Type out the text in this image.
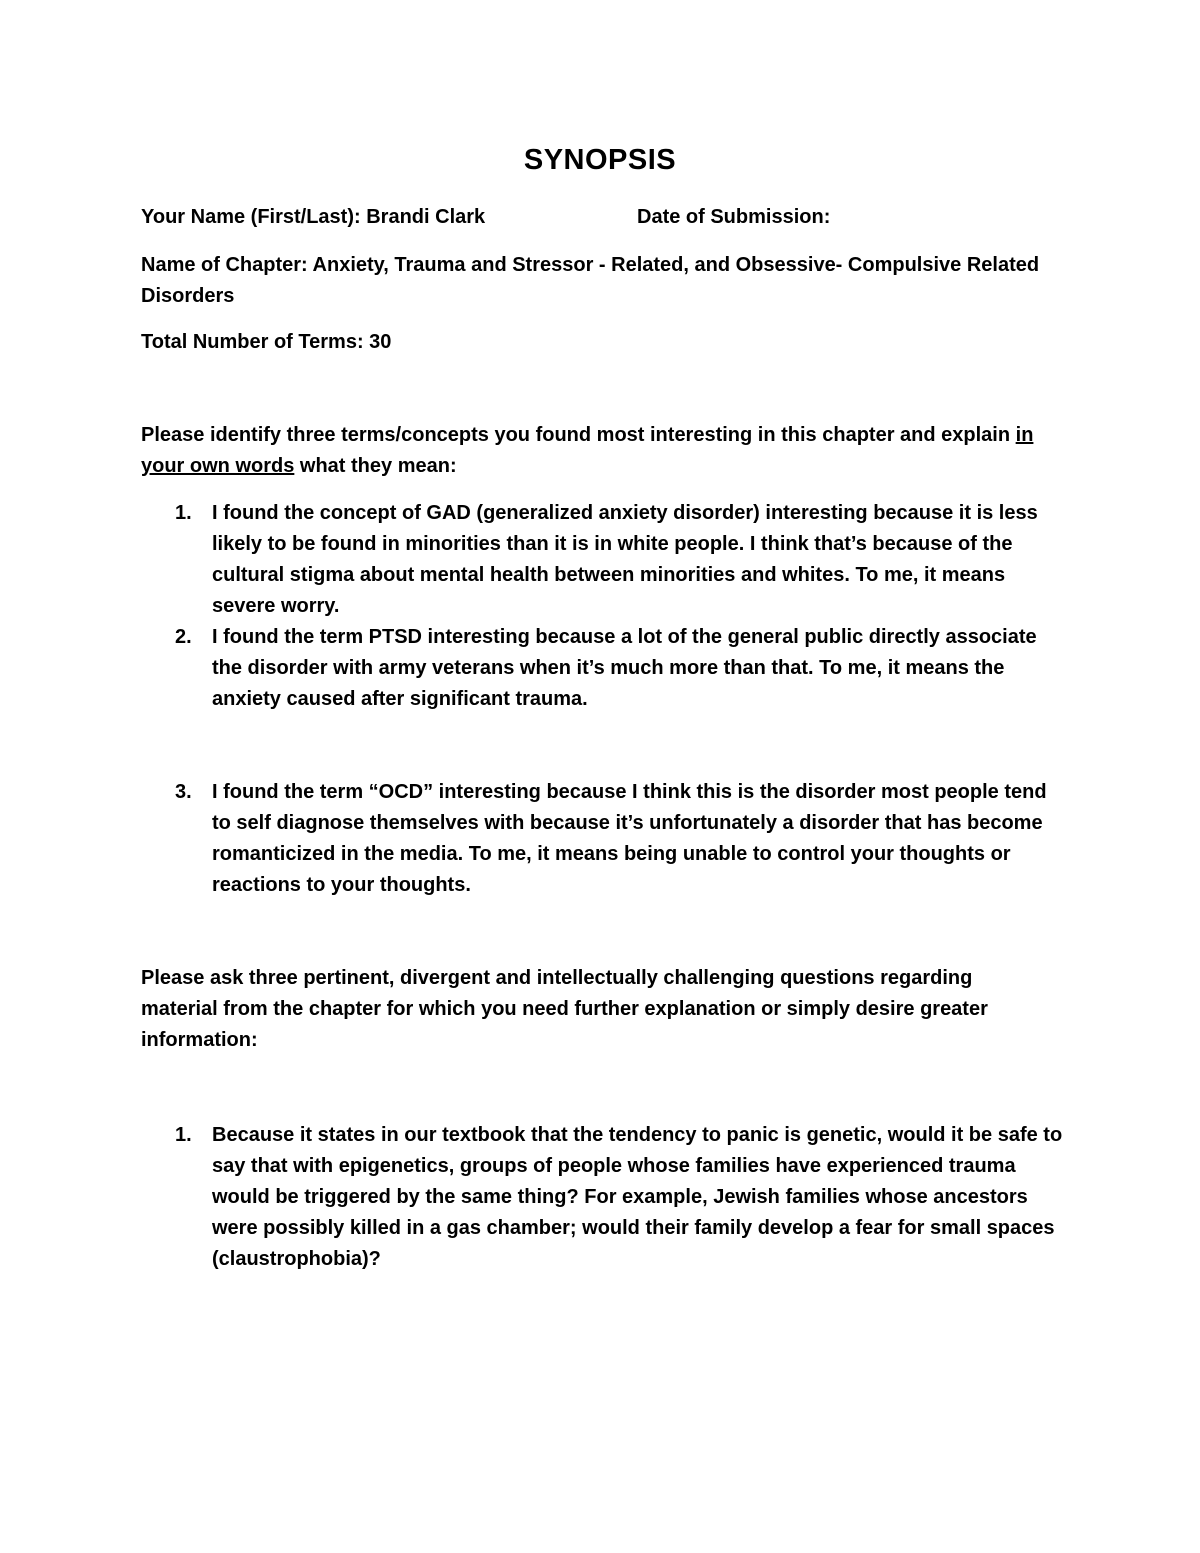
SYNOPSIS

Your Name (First/Last): Brandi Clark	Date of Submission:

Name of Chapter: Anxiety, Trauma and Stressor - Related, and Obsessive- Compulsive Related Disorders

Total Number of Terms: 30

Please identify three terms/concepts you found most interesting in this chapter and explain in your own words what they mean:

1. I found the concept of GAD (generalized anxiety disorder) interesting because it is less likely to be found in minorities than it is in white people. I think that’s because of the cultural stigma about mental health between minorities and whites. To me, it means severe worry.
2. I found the term PTSD interesting because a lot of the general public directly associate the disorder with army veterans when it’s much more than that. To me, it means the anxiety caused after significant trauma.
3. I found the term “OCD” interesting because I think this is the disorder most people tend to self diagnose themselves with because it’s unfortunately a disorder that has become romanticized in the media. To me, it means being unable to control your thoughts or reactions to your thoughts.

Please ask three pertinent, divergent and intellectually challenging questions regarding material from the chapter for which you need further explanation or simply desire greater information:

1. Because it states in our textbook that the tendency to panic is genetic, would it be safe to say that with epigenetics, groups of people whose families have experienced trauma would be triggered by the same thing? For example, Jewish families whose ancestors were possibly killed in a gas chamber; would their family develop a fear for small spaces (claustrophobia)?
